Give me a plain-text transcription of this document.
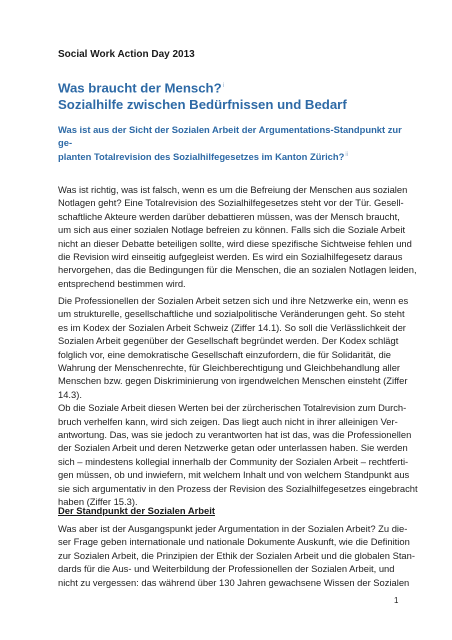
Social Work Action Day 2013
Was braucht der Mensch?$^i$
Sozialhilfe zwischen Bedürfnissen und Bedarf
Was ist aus der Sicht der Sozialen Arbeit der Argumentations-Standpunkt zur ge-
planten Totalrevision des Sozialhilfegesetzes im Kanton Zürich?$^{ii}$
Was ist richtig, was ist falsch, wenn es um die Befreiung der Menschen aus sozialen
Notlagen geht? Eine Totalrevision des Sozialhilfegesetzes steht vor der Tür. Gesell-
schaftliche Akteure werden darüber debattieren müssen, was der Mensch braucht,
um sich aus einer sozialen Notlage befreien zu können. Falls sich die Soziale Arbeit
nicht an dieser Debatte beteiligen sollte, wird diese spezifische Sichtweise fehlen und
die Revision wird einseitig aufgegleist werden. Es wird ein Sozialhilfegesetz daraus
hervorgehen, das die Bedingungen für die Menschen, die an sozialen Notlagen leiden,
entsprechend bestimmen wird.
Die Professionellen der Sozialen Arbeit setzen sich und ihre Netzwerke ein, wenn es
um strukturelle, gesellschaftliche und sozialpolitische Veränderungen geht. So steht
es im Kodex der Sozialen Arbeit Schweiz (Ziffer 14.1). So soll die Verlässlichkeit der
Sozialen Arbeit gegenüber der Gesellschaft begründet werden. Der Kodex schlägt
folglich vor, eine demokratische Gesellschaft einzufordern, die für Solidarität, die
Wahrung der Menschenrechte, für Gleichberechtigung und Gleichbehandlung aller
Menschen bzw. gegen Diskriminierung von irgendwelchen Menschen einsteht (Ziffer
14.3).
Ob die Soziale Arbeit diesen Werten bei der zürcherischen Totalrevision zum Durch-
bruch verhelfen kann, wird sich zeigen. Das liegt auch nicht in ihrer alleinigen Ver-
antwortung. Das, was sie jedoch zu verantworten hat ist das, was die Professionellen
der Sozialen Arbeit und deren Netzwerke getan oder unterlassen haben. Sie werden
sich – mindestens kollegial innerhalb der Community der Sozialen Arbeit – rechtferti-
gen müssen, ob und inwiefern, mit welchem Inhalt und von welchem Standpunkt aus
sie sich argumentativ in den Prozess der Revision des Sozialhilfegesetzes eingebracht
haben (Ziffer 15.3).
Der Standpunkt der Sozialen Arbeit
Was aber ist der Ausgangspunkt jeder Argumentation in der Sozialen Arbeit? Zu die-
ser Frage geben internationale und nationale Dokumente Auskunft, wie die Definition
zur Sozialen Arbeit, die Prinzipien der Ethik der Sozialen Arbeit und die globalen Stan-
dards für die Aus- und Weiterbildung der Professionellen der Sozialen Arbeit, und
nicht zu vergessen: das während über 130 Jahren gewachsene Wissen der Sozialen
1
